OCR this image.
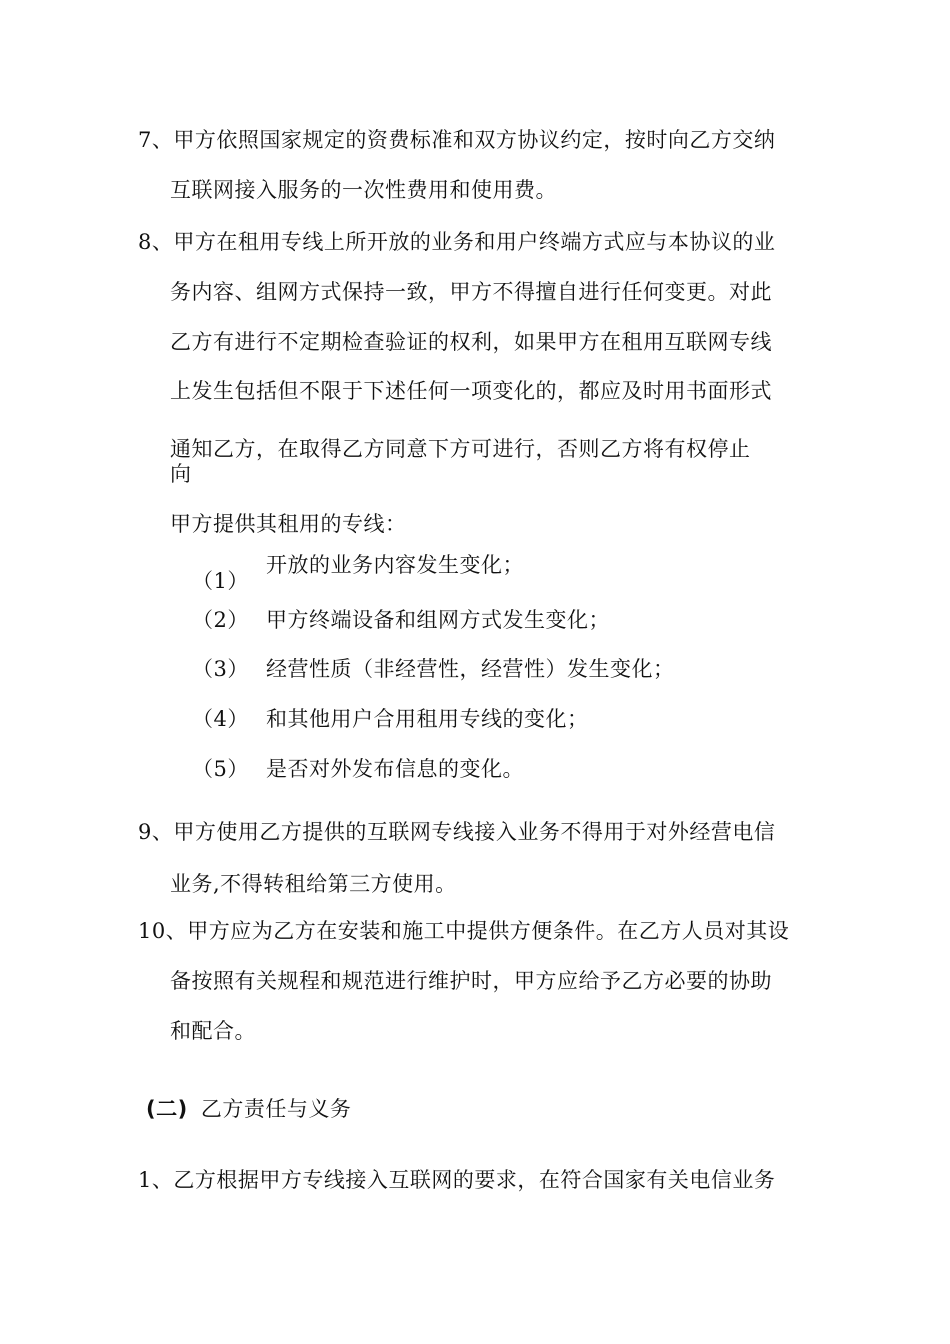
7、甲方依照国家规定的资费标准和双方协议约定，按时向乙方交纳
互联网接入服务的一次性费用和使用费。
8、甲方在租用专线上所开放的业务和用户终端方式应与本协议的业
务内容、组网方式保持一致，甲方不得擅自进行任何变更。对此
乙方有进行不定期检查验证的权利，如果甲方在租用互联网专线
上发生包括但不限于下述任何一项变化的，都应及时用书面形式
通知乙方，在取得乙方同意下方可进行，否则乙方将有权停止
向
甲方提供其租用的专线：
开放的业务内容发生变化；
（1）
（2） 甲方终端设备和组网方式发生变化；
（3） 经营性质（非经营性，经营性）发生变化；
（4） 和其他用户合用租用专线的变化；
（5） 是否对外发布信息的变化。
9、甲方使用乙方提供的互联网专线接入业务不得用于对外经营电信
业务,不得转租给第三方使用。
10、甲方应为乙方在安装和施工中提供方便条件。在乙方人员对其设
备按照有关规程和规范进行维护时，甲方应给予乙方必要的协助
和配合。
(二) 乙方责任与义务
1、乙方根据甲方专线接入互联网的要求，在符合国家有关电信业务
